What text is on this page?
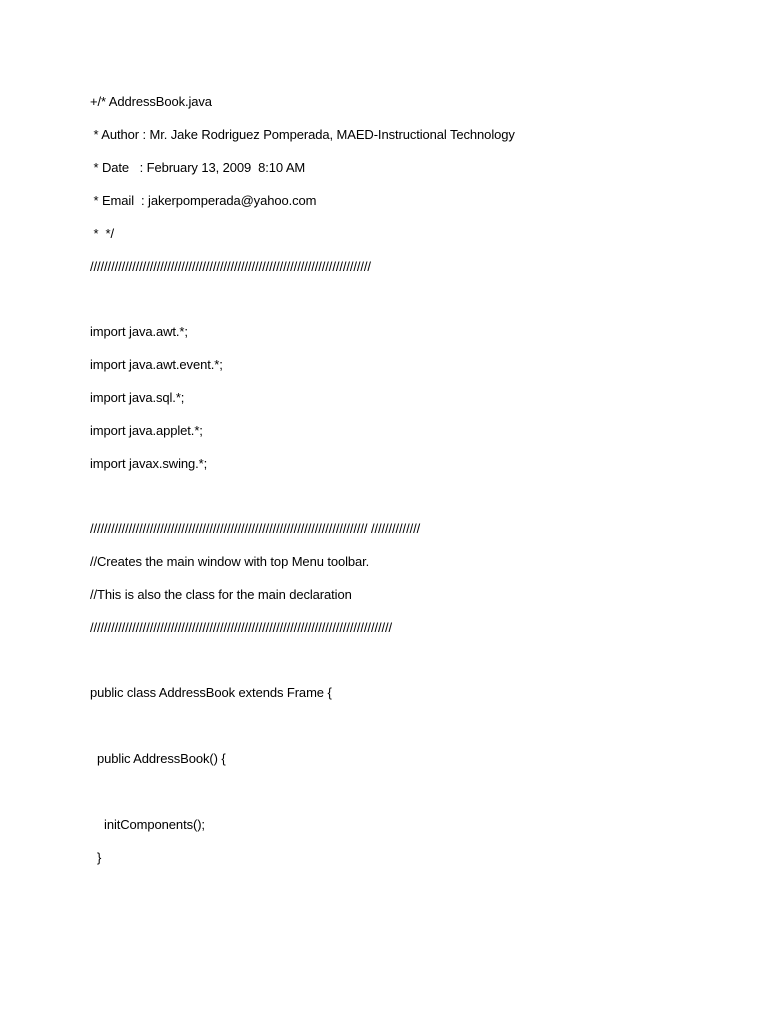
+/* AddressBook.java
* Author : Mr. Jake Rodriguez Pomperada, MAED-Instructional Technology
* Date   : February 13, 2009  8:10 AM
* Email  : jakerpomperada@yahoo.com
*  */
////////////////////////////////////////////////////////////////////////////////
import java.awt.*;
import java.awt.event.*;
import java.sql.*;
import java.applet.*;
import javax.swing.*;
/////////////////////////////////////////////////////////////////////////////// //////////////
//Creates the main window with top Menu toolbar.
//This is also the class for the main declaration
//////////////////////////////////////////////////////////////////////////////////////
public class AddressBook extends Frame {
public AddressBook() {
initComponents();
}
